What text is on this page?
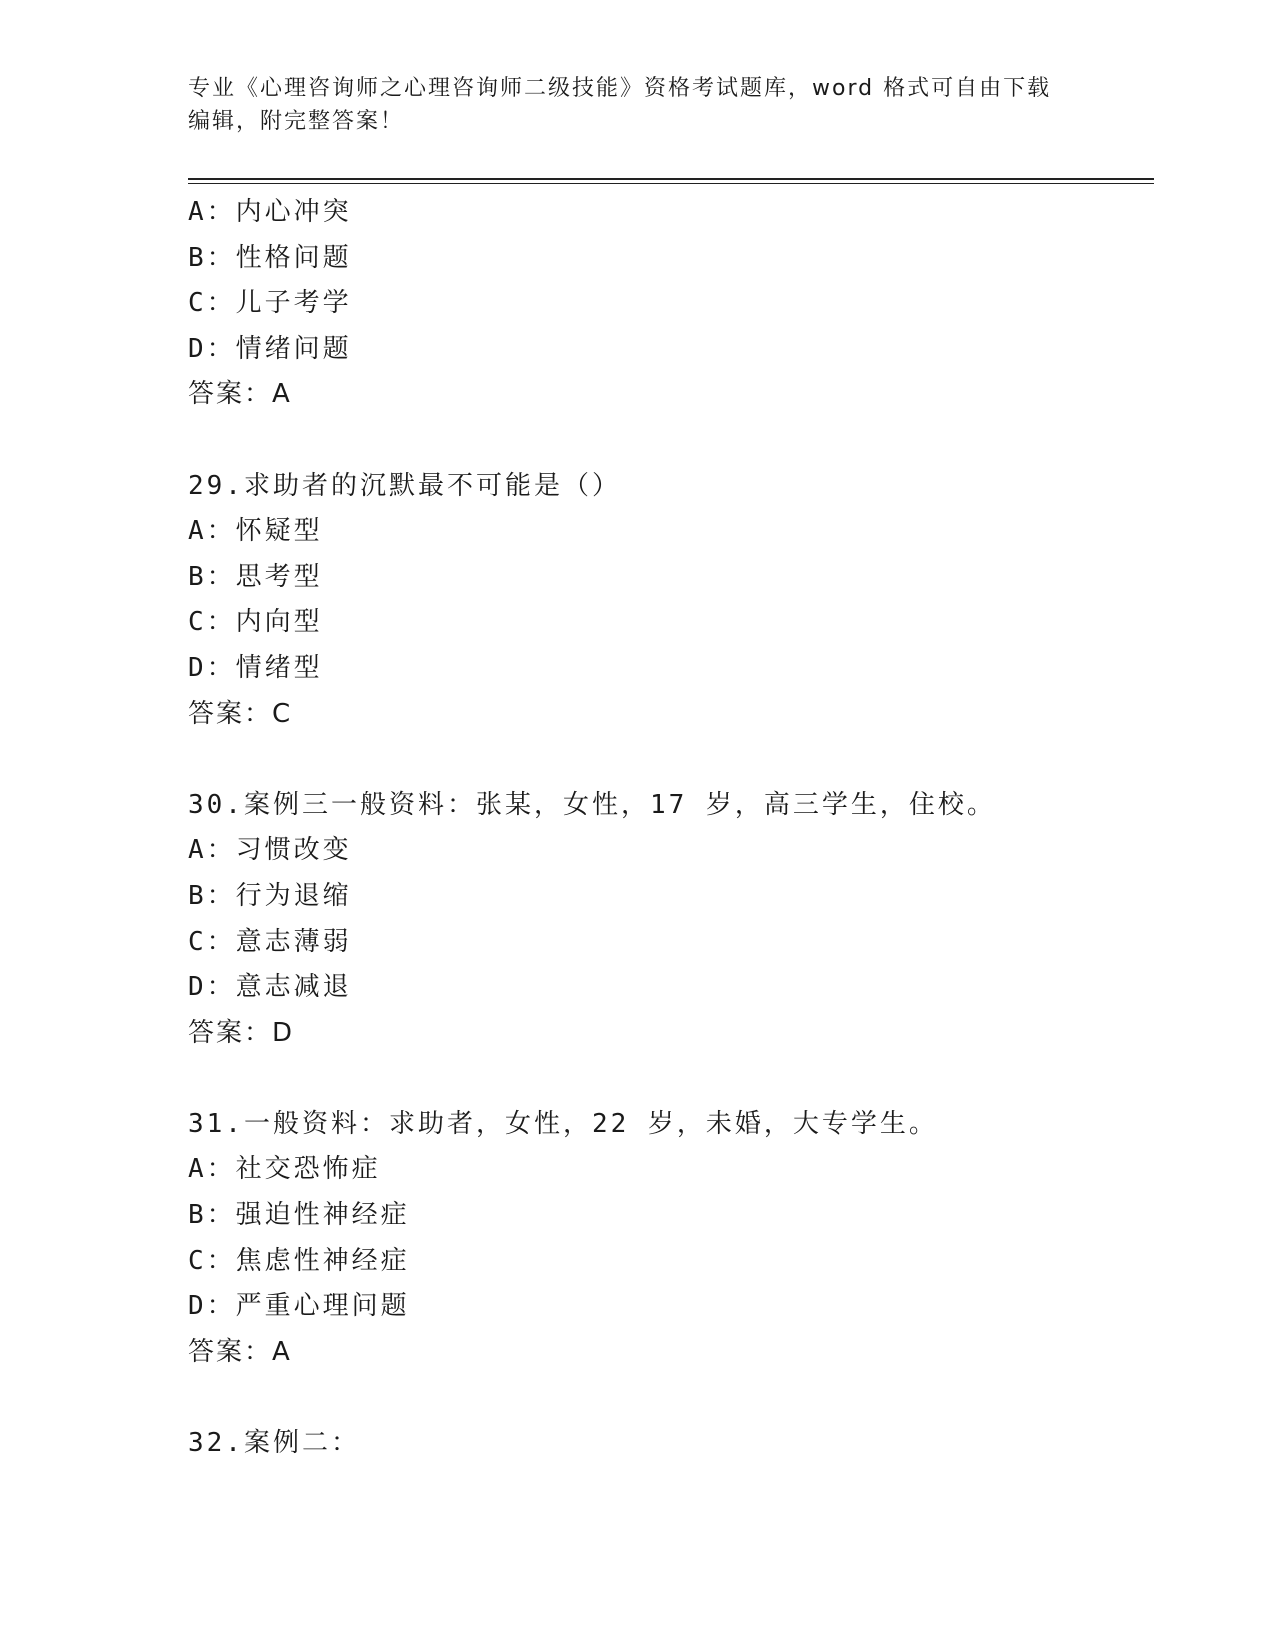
专业《心理咨询师之心理咨询师二级技能》资格考试题库，word 格式可自由下载
编辑，附完整答案！
A：内心冲突
B：性格问题
C：儿子考学
D：情绪问题
答案：A
29.求助者的沉默最不可能是（）
A：怀疑型
B：思考型
C：内向型
D：情绪型
答案：C
30.案例三一般资料：张某，女性，17 岁，高三学生，住校。
A：习惯改变
B：行为退缩
C：意志薄弱
D：意志减退
答案：D
31.一般资料：求助者，女性，22 岁，未婚，大专学生。
A：社交恐怖症
B：强迫性神经症
C：焦虑性神经症
D：严重心理问题
答案：A
32.案例二：
